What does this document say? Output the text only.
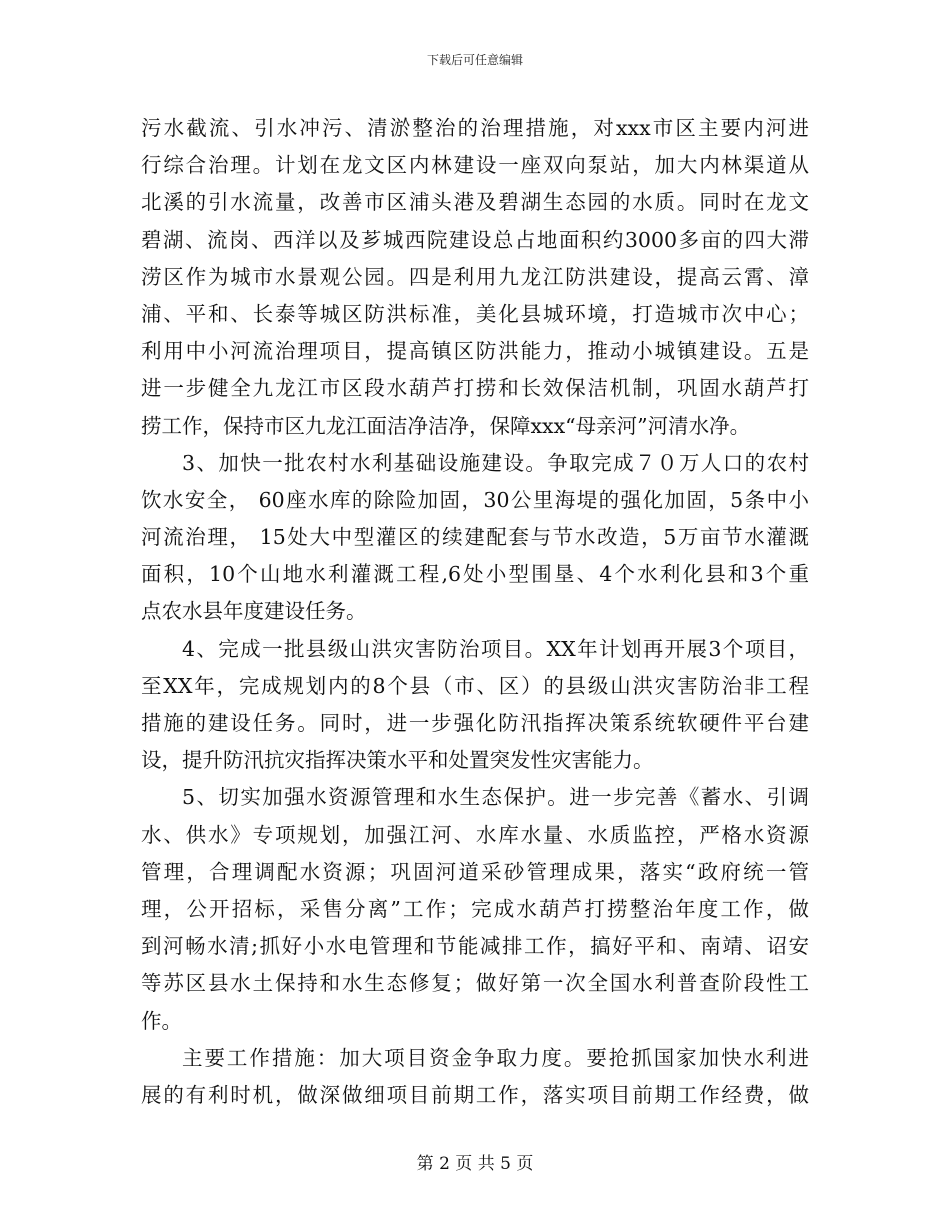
下载后可任意编辑
污水截流、引水冲污、清淤整治的治理措施，对xxx市区主要内河进
行综合治理。计划在龙文区内林建设一座双向泵站，加大内林渠道从
北溪的引水流量，改善市区浦头港及碧湖生态园的水质。同时在龙文
碧湖、流岗、西洋以及芗城西院建设总占地面积约3000多亩的四大滞
涝区作为城市水景观公园。四是利用九龙江防洪建设，提高云霄、漳
浦、平和、长泰等城区防洪标准，美化县城环境，打造城市次中心；
利用中小河流治理项目，提高镇区防洪能力，推动小城镇建设。五是
进一步健全九龙江市区段水葫芦打捞和长效保洁机制，巩固水葫芦打
捞工作，保持市区九龙江面洁净洁净，保障xxx“母亲河”河清水净。
3、加快一批农村水利基础设施建设。争取完成７０万人口的农村
饮水安全， 60座水库的除险加固，30公里海堤的强化加固，5条中小
河流治理， 15处大中型灌区的续建配套与节水改造，5万亩节水灌溉
面积，10个山地水利灌溉工程,6处小型围垦、4个水利化县和3个重
点农水县年度建设任务。
4、完成一批县级山洪灾害防治项目。XX年计划再开展3个项目，
至XX年，完成规划内的8个县（市、区）的县级山洪灾害防治非工程
措施的建设任务。同时，进一步强化防汛指挥决策系统软硬件平台建
设，提升防汛抗灾指挥决策水平和处置突发性灾害能力。
5、切实加强水资源管理和水生态保护。进一步完善《蓄水、引调
水、供水》专项规划，加强江河、水库水量、水质监控，严格水资源
管理，合理调配水资源；巩固河道采砂管理成果，落实“政府统一管
理，公开招标，采售分离”工作；完成水葫芦打捞整治年度工作，做
到河畅水清;抓好小水电管理和节能减排工作，搞好平和、南靖、诏安
等苏区县水土保持和水生态修复；做好第一次全国水利普查阶段性工
作。
主要工作措施：加大项目资金争取力度。要抢抓国家加快水利进
展的有利时机，做深做细项目前期工作，落实项目前期工作经费，做
第 2 页 共 5 页
